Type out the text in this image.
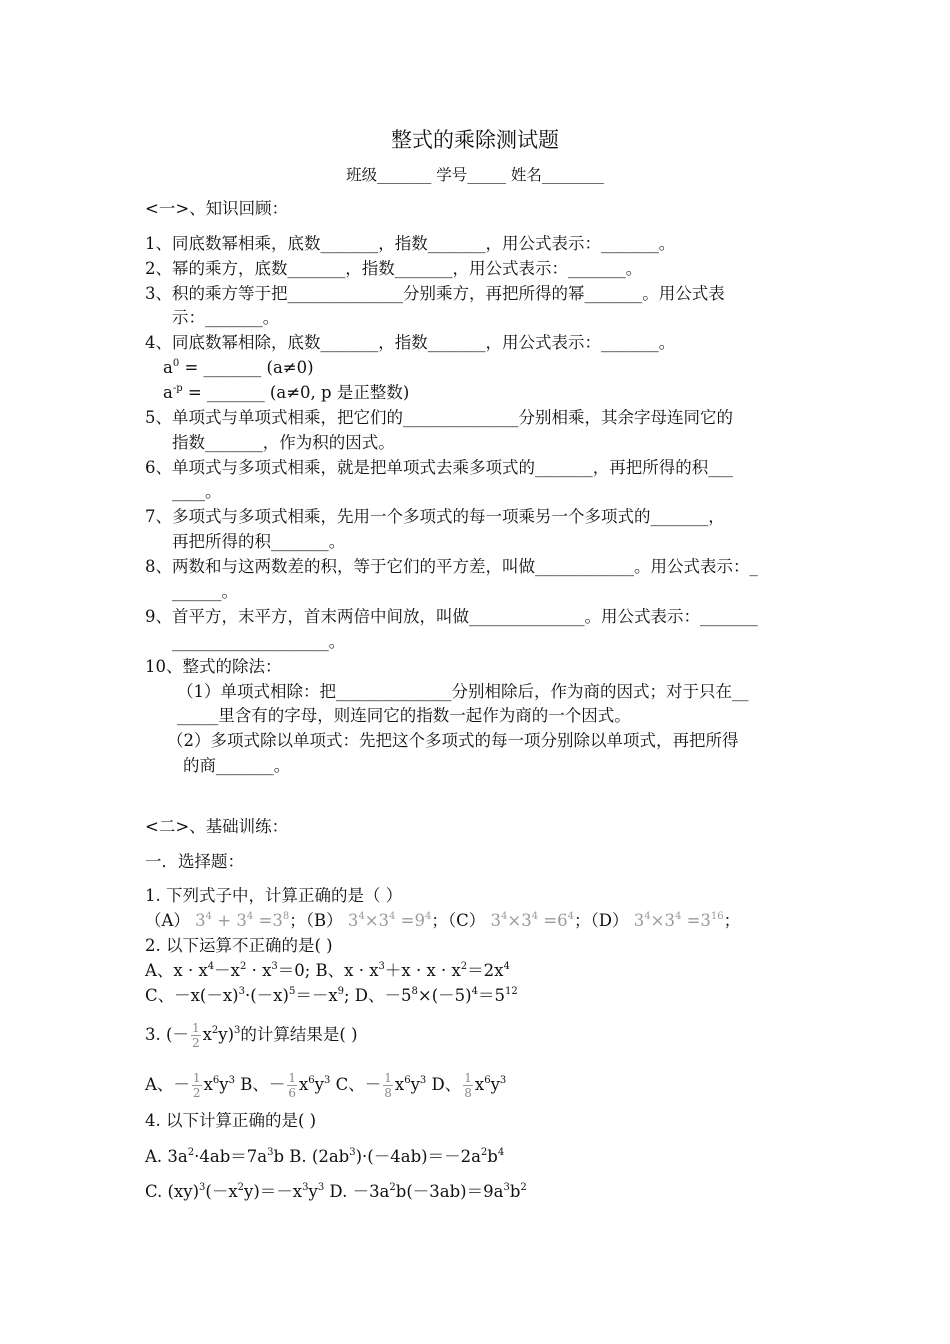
整式的乘除测试题
班级_______ 学号_____ 姓名________
<一>、知识回顾：
1、同底数幂相乘，底数_______，指数_______，用公式表示：_______。
2、幂的乘方，底数_______，指数_______，用公式表示：_______。
3、积的乘方等于把______________分别乘方，再把所得的幂_______。用公式表
示：_______。
4、同底数幂相除，底数_______，指数_______，用公式表示：_______。
$a^0$ = _______ (a≠0)
$a^{-p}$ = _______ (a≠0, p 是正整数)
5、单项式与单项式相乘，把它们的______________分别相乘，其余字母连同它的
指数_______，作为积的因式。
6、单项式与多项式相乘，就是把单项式去乘多项式的_______，再把所得的积___
____。
7、多项式与多项式相乘，先用一个多项式的每一项乘另一个多项式的_______，
再把所得的积_______。
8、两数和与这两数差的积，等于它们的平方差，叫做____________。用公式表示：_
______。
9、首平方，末平方，首末两倍中间放，叫做______________。用公式表示：_______
___________________。
10、整式的除法：
（1）单项式相除：把______________分别相除后，作为商的因式；对于只在__
_____里含有的字母，则连同它的指数一起作为商的一个因式。
（2）多项式除以单项式：先把这个多项式的每一项分别除以单项式，再把所得
的商_______。
<二>、基础训练：
一．选择题：
1. 下列式子中，计算正确的是（ ）
（A） $3^4 + 3^4 =3^8$；（B） $3^4\times 3^4 =9^4$；（C） $3^4\times 3^4 =6^4$；（D） $3^4\times 3^4 =3^{16}$；
2. 以下运算不正确的是( )
A、$x \cdot x^4-x^2 \cdot x^3=0$; B、$x \cdot x^3+x \cdot x \cdot x^2=2x^4$
C、$-x(-x)^3\cdot(-x)^5=-x^9$; D、$-5^8\times(-5)^4=5^{12}$
3. (－ $\frac{1}{2} x^2y)^3$的计算结果是( )
A、－ $\frac{1}{2} x^6y^3$ B、－ $\frac{1}{6} x^6y^3$ C、－ $\frac{1}{8} x^6y^3$ D、 $\frac{1}{8} x^6y^3$
4. 以下计算正确的是( )
A. $3a^2\cdot 4ab=7a^3b$ B. $(2ab^3)\cdot(-4ab)=-2a^2b^4$
C. $(xy)^3(-x^2y)=-x^3y^3$ D. $-3a^2b(-3ab)=9a^3b^2$
